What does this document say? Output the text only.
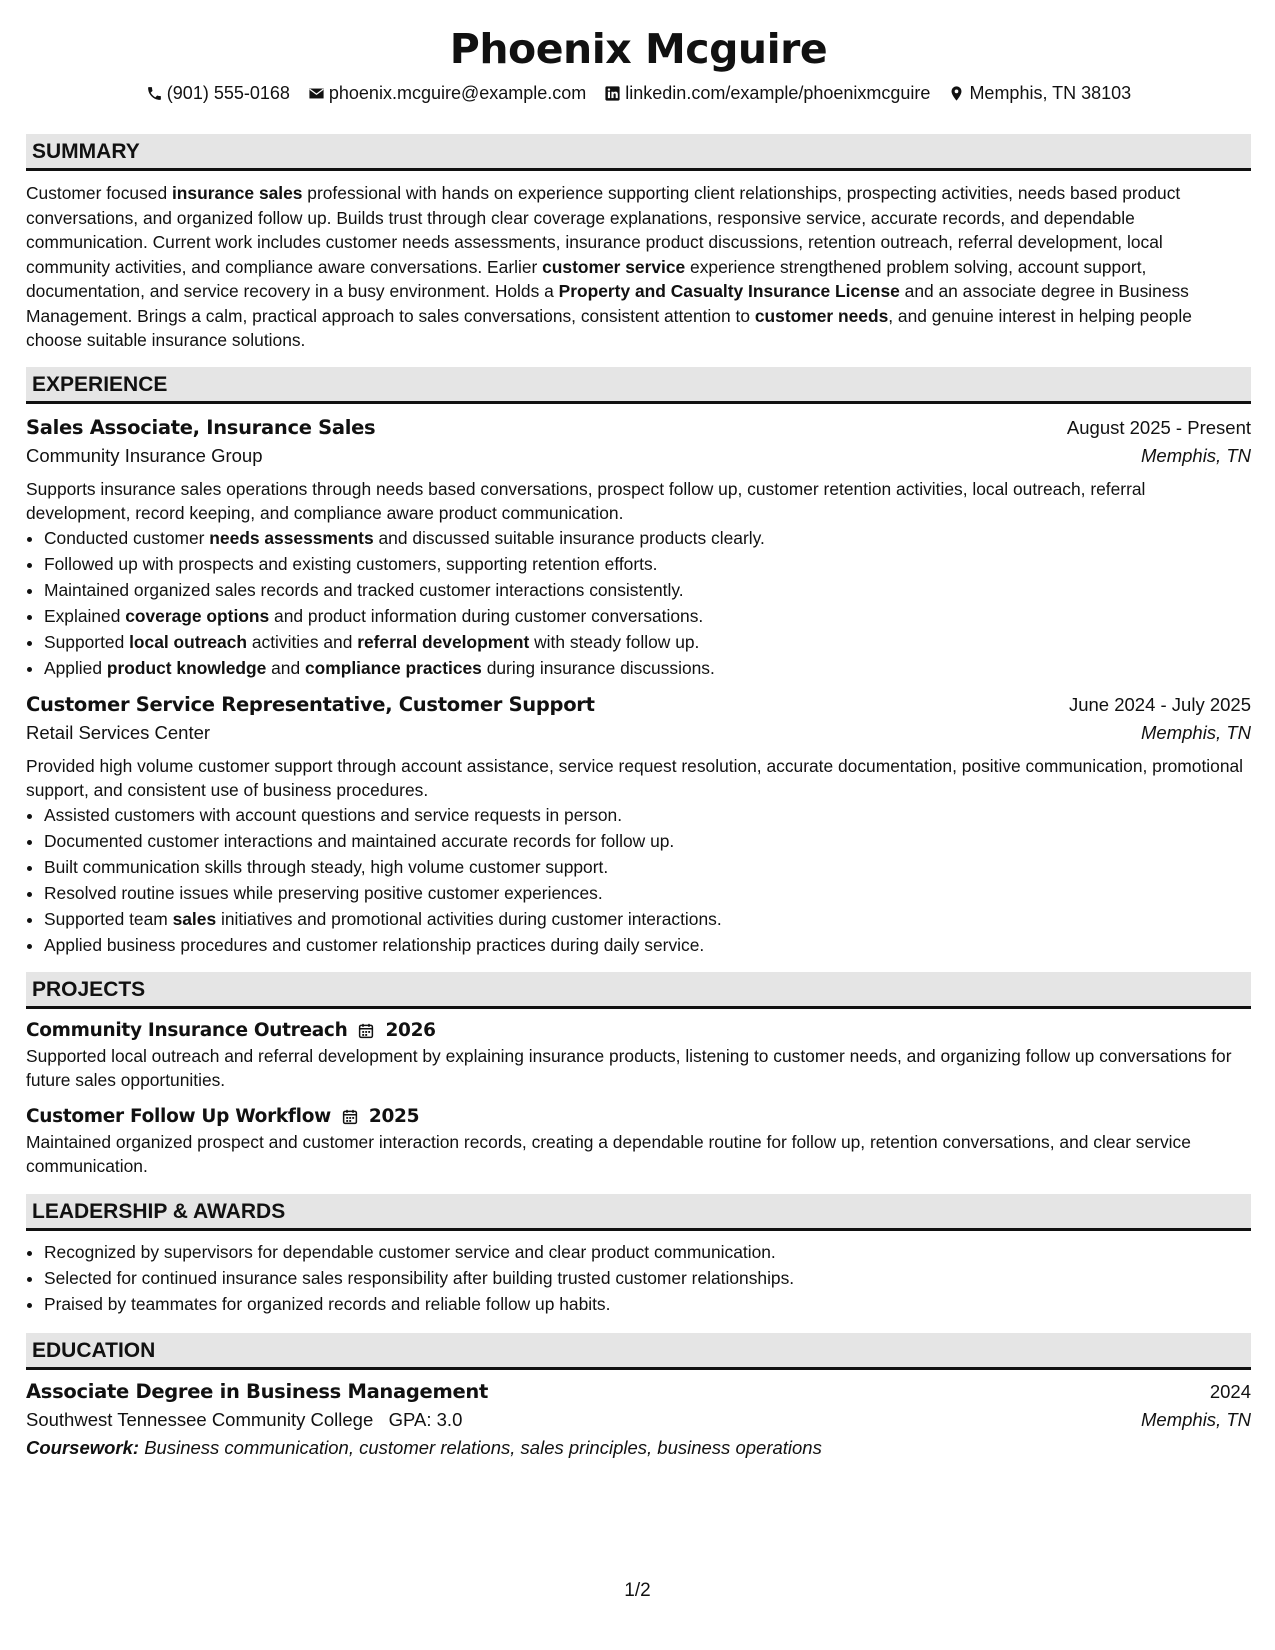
Phoenix Mcguire
(901) 555-0168 phoenix.mcguire@example.com linkedin.com/example/phoenixmcguire Memphis, TN 38103
SUMMARY

Customer focused insurance sales professional with hands on experience supporting client relationships, prospecting activities, needs based product conversations, and organized follow up. Builds trust through clear coverage explanations, responsive service, accurate records, and dependable communication. Current work includes customer needs assessments, insurance product discussions, retention outreach, referral development, local community activities, and compliance aware conversations. Earlier customer service experience strengthened problem solving, account support, documentation, and service recovery in a busy environment. Holds a Property and Casualty Insurance License and an associate degree in Business Management. Brings a calm, practical approach to sales conversations, consistent attention to customer needs, and genuine interest in helping people choose suitable insurance solutions.

EXPERIENCE
Sales Associate, Insurance Sales	August 2025 - Present
Community Insurance Group	Memphis, TN
Supports insurance sales operations through needs based conversations, prospect follow up, customer retention activities, local outreach, referral development, record keeping, and compliance aware product communication.
• Conducted customer needs assessments and discussed suitable insurance products clearly.
• Followed up with prospects and existing customers, supporting retention efforts.
• Maintained organized sales records and tracked customer interactions consistently.
• Explained coverage options and product information during customer conversations.
• Supported local outreach activities and referral development with steady follow up.
• Applied product knowledge and compliance practices during insurance discussions.
Customer Service Representative, Customer Support	June 2024 - July 2025
Retail Services Center	Memphis, TN
Provided high volume customer support through account assistance, service request resolution, accurate documentation, positive communication, promotional support, and consistent use of business procedures.
• Assisted customers with account questions and service requests in person.
• Documented customer interactions and maintained accurate records for follow up.
• Built communication skills through steady, high volume customer support.
• Resolved routine issues while preserving positive customer experiences.
• Supported team sales initiatives and promotional activities during customer interactions.
• Applied business procedures and customer relationship practices during daily service.
PROJECTS
Community Insurance Outreach 2026
Supported local outreach and referral development by explaining insurance products, listening to customer needs, and organizing follow up conversations for future sales opportunities.
Customer Follow Up Workflow 2025
Maintained organized prospect and customer interaction records, creating a dependable routine for follow up, retention conversations, and clear service communication.
LEADERSHIP & AWARDS
• Recognized by supervisors for dependable customer service and clear product communication.
• Selected for continued insurance sales responsibility after building trusted customer relationships.
• Praised by teammates for organized records and reliable follow up habits.
EDUCATION
Associate Degree in Business Management	2024
Southwest Tennessee Community College GPA: 3.0	Memphis, TN
Coursework: Business communication, customer relations, sales principles, business operations
1/2
